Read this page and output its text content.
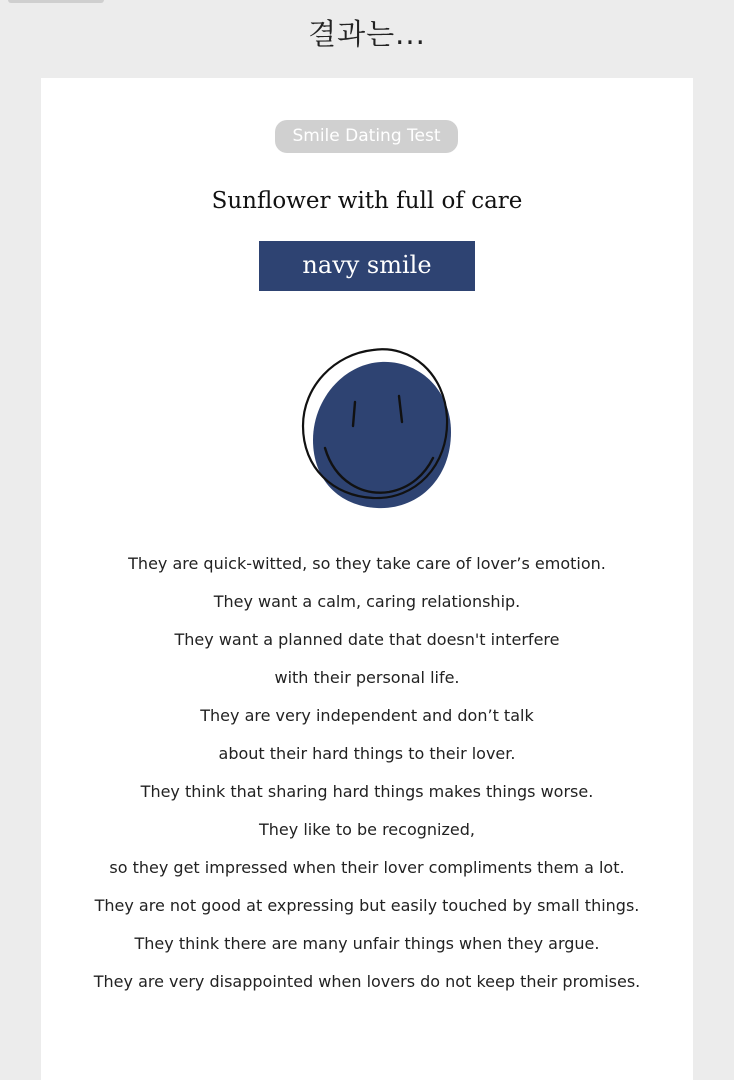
결과는...
Smile Dating Test
Sunflower with full of care
navy smile
They are quick-witted, so they take care of lover’s emotion.
They want a calm, caring relationship.
They want a planned date that doesn't interfere
with their personal life.
They are very independent and don’t talk
about their hard things to their lover.
They think that sharing hard things makes things worse.
They like to be recognized,
so they get impressed when their lover compliments them a lot.
They are not good at expressing but easily touched by small things.
They think there are many unfair things when they argue.
They are very disappointed when lovers do not keep their promises.
